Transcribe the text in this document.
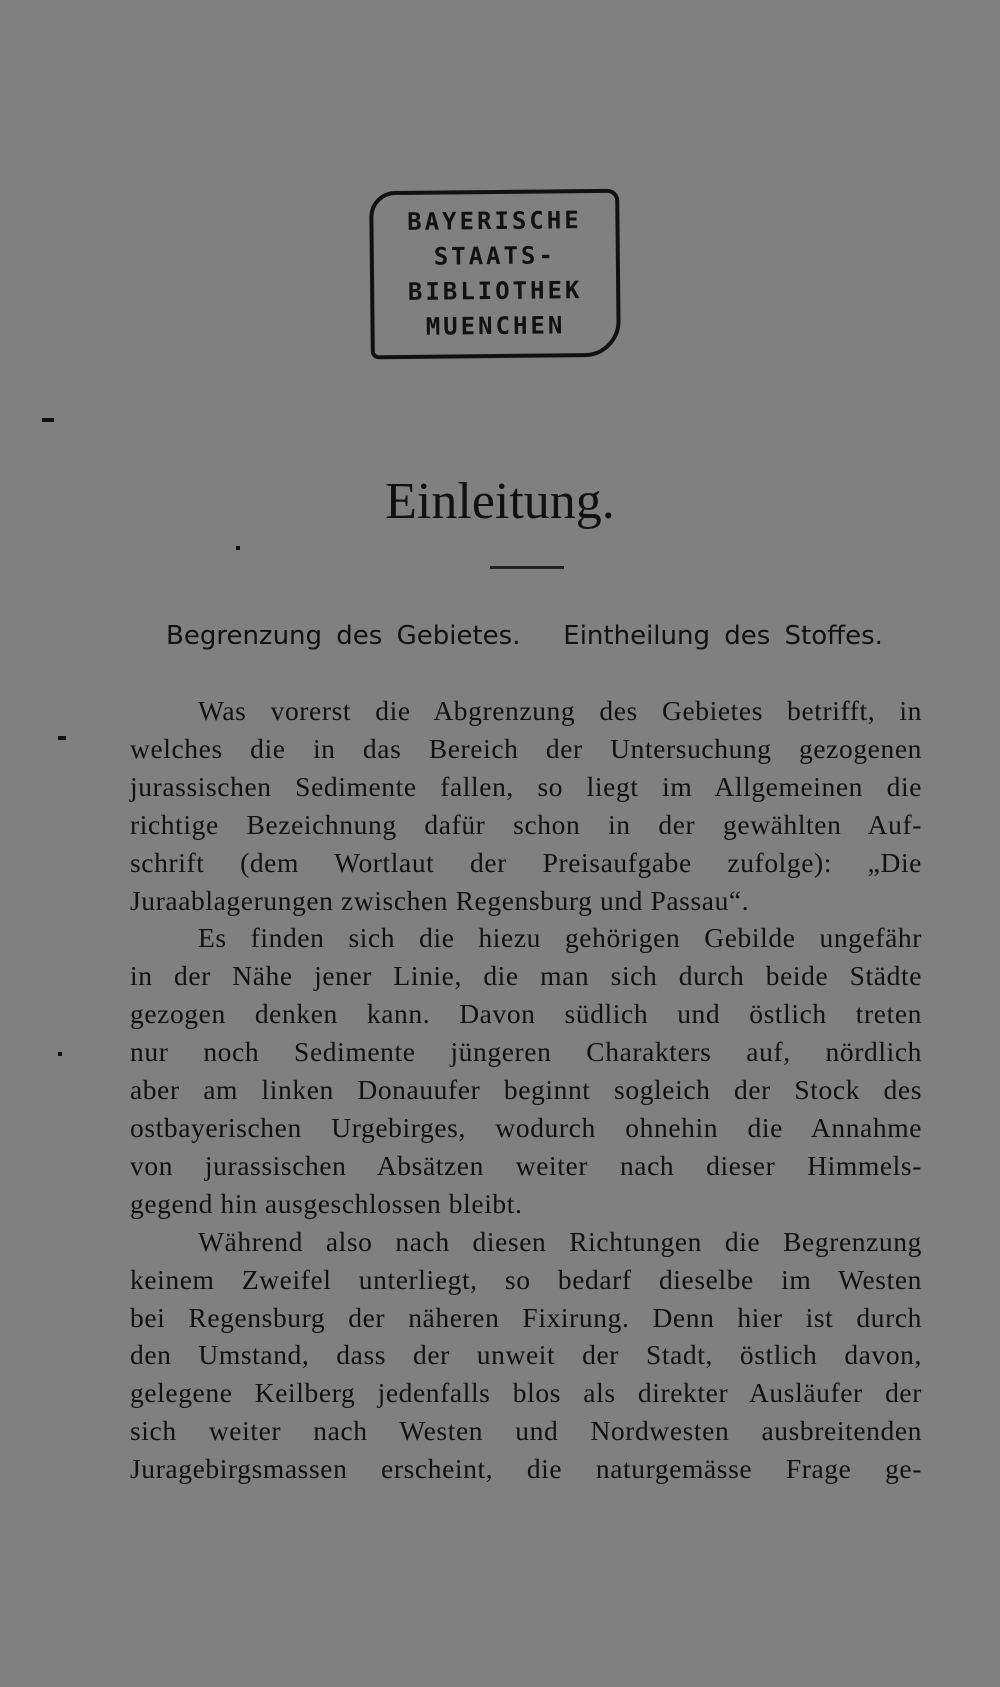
BAYERISCHE
STAATS-
BIBLIOTHEK
MUENCHEN
Einleitung.
Begrenzung des Gebietes.   Eintheilung des Stoffes.

Was vorerst die Abgrenzung des Gebietes betrifft, in
welches die in das Bereich der Untersuchung gezogenen
jurassischen Sedimente fallen, so liegt im Allgemeinen die
richtige Bezeichnung dafür schon in der gewählten Auf-
schrift (dem Wortlaut der Preisaufgabe zufolge): „Die
Juraablagerungen zwischen Regensburg und Passau“.

Es finden sich die hiezu gehörigen Gebilde ungefähr
in der Nähe jener Linie, die man sich durch beide Städte
gezogen denken kann. Davon südlich und östlich treten
nur noch Sedimente jüngeren Charakters auf, nördlich
aber am linken Donauufer beginnt sogleich der Stock des
ostbayerischen Urgebirges, wodurch ohnehin die Annahme
von jurassischen Absätzen weiter nach dieser Himmels-
gegend hin ausgeschlossen bleibt.

Während also nach diesen Richtungen die Begrenzung
keinem Zweifel unterliegt, so bedarf dieselbe im Westen
bei Regensburg der näheren Fixirung. Denn hier ist durch
den Umstand, dass der unweit der Stadt, östlich davon,
gelegene Keilberg jedenfalls blos als direkter Ausläufer der
sich weiter nach Westen und Nordwesten ausbreitenden
Juragebirgsmassen erscheint, die naturgemässe Frage ge-
